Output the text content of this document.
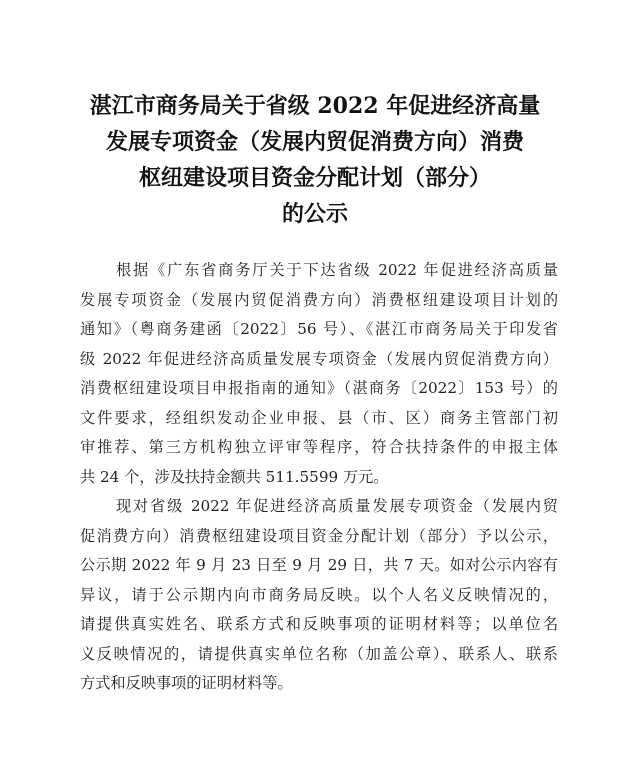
湛江市商务局关于省级 2022 年促进经济高量
发展专项资金（发展内贸促消费方向）消费
枢纽建设项目资金分配计划（部分）
的公示
根据《广东省商务厅关于下达省级 2022 年促进经济高质量
发展专项资金（发展内贸促消费方向）消费枢纽建设项目计划的
通知》（粤商务建函〔2022〕56 号）、《湛江市商务局关于印发省
级 2022 年促进经济高质量发展专项资金（发展内贸促消费方向）
消费枢纽建设项目申报指南的通知》（湛商务〔2022〕153 号）的
文件要求，经组织发动企业申报、县（市、区）商务主管部门初
审推荐、第三方机构独立评审等程序，符合扶持条件的申报主体
共 24 个，涉及扶持金额共 511.5599 万元。
现对省级 2022 年促进经济高质量发展专项资金（发展内贸
促消费方向）消费枢纽建设项目资金分配计划（部分）予以公示，
公示期 2022 年 9 月 23 日至 9 月 29 日，共 7 天。如对公示内容有
异议，请于公示期内向市商务局反映。以个人名义反映情况的，
请提供真实姓名、联系方式和反映事项的证明材料等；以单位名
义反映情况的，请提供真实单位名称（加盖公章）、联系人、联系
方式和反映事项的证明材料等。
